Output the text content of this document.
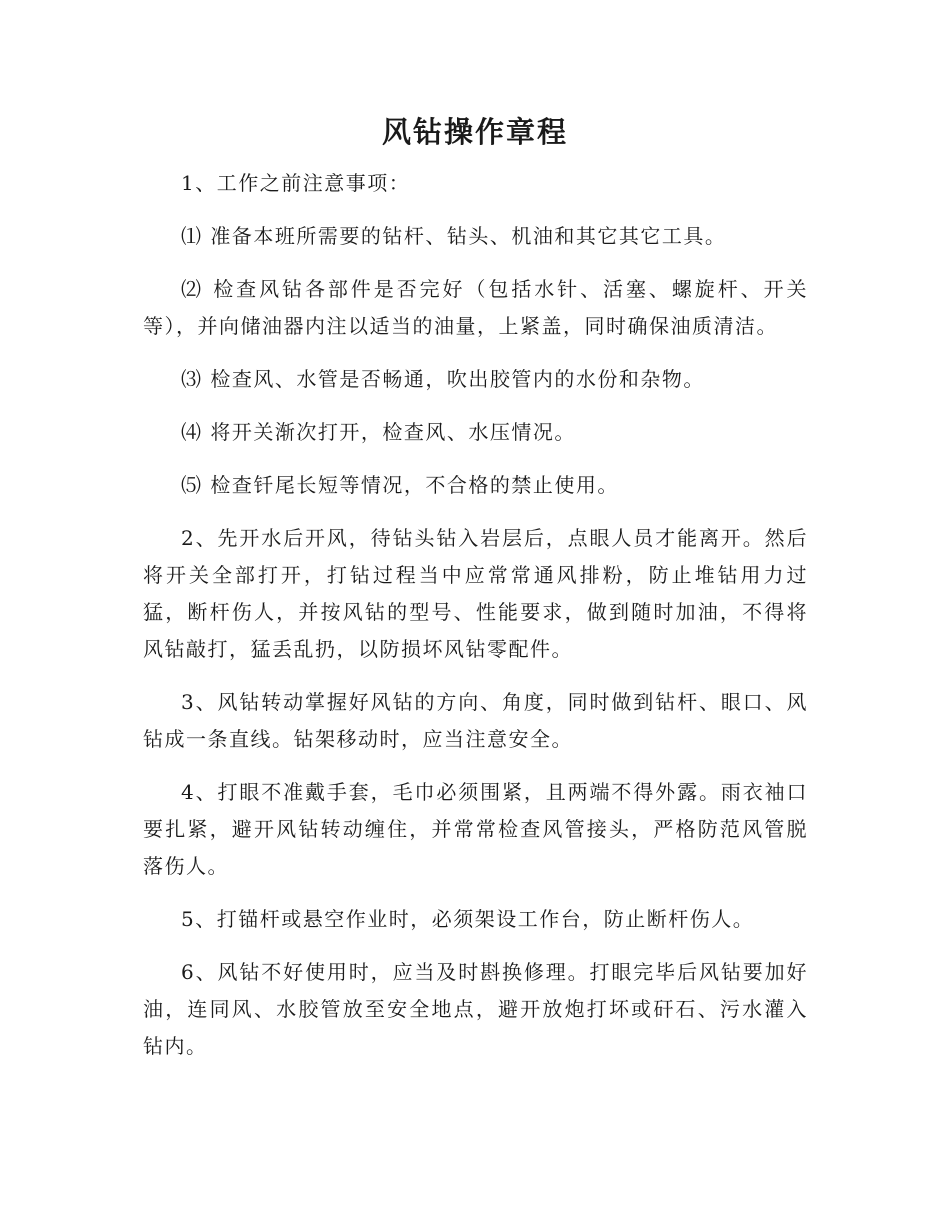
风钻操作章程

1、工作之前注意事项：

⑴ 准备本班所需要的钻杆、钻头、机油和其它其它工具。

⑵ 检查风钻各部件是否完好（包括水针、活塞、螺旋杆、开关等），并向储油器内注以适当的油量，上紧盖，同时确保油质清洁。

⑶ 检查风、水管是否畅通，吹出胶管内的水份和杂物。

⑷ 将开关渐次打开，检查风、水压情况。

⑸ 检查钎尾长短等情况，不合格的禁止使用。

2、先开水后开风，待钻头钻入岩层后，点眼人员才能离开。然后将开关全部打开，打钻过程当中应常常通风排粉，防止堆钻用力过猛，断杆伤人，并按风钻的型号、性能要求，做到随时加油，不得将风钻敲打，猛丢乱扔，以防损坏风钻零配件。

3、风钻转动掌握好风钻的方向、角度，同时做到钻杆、眼口、风钻成一条直线。钻架移动时，应当注意安全。

4、打眼不准戴手套，毛巾必须围紧，且两端不得外露。雨衣袖口要扎紧，避开风钻转动缠住，并常常检查风管接头，严格防范风管脱落伤人。

5、打锚杆或悬空作业时，必须架设工作台，防止断杆伤人。

6、风钻不好使用时，应当及时斟换修理。打眼完毕后风钻要加好油，连同风、水胶管放至安全地点，避开放炮打坏或矸石、污水灌入钻内。
